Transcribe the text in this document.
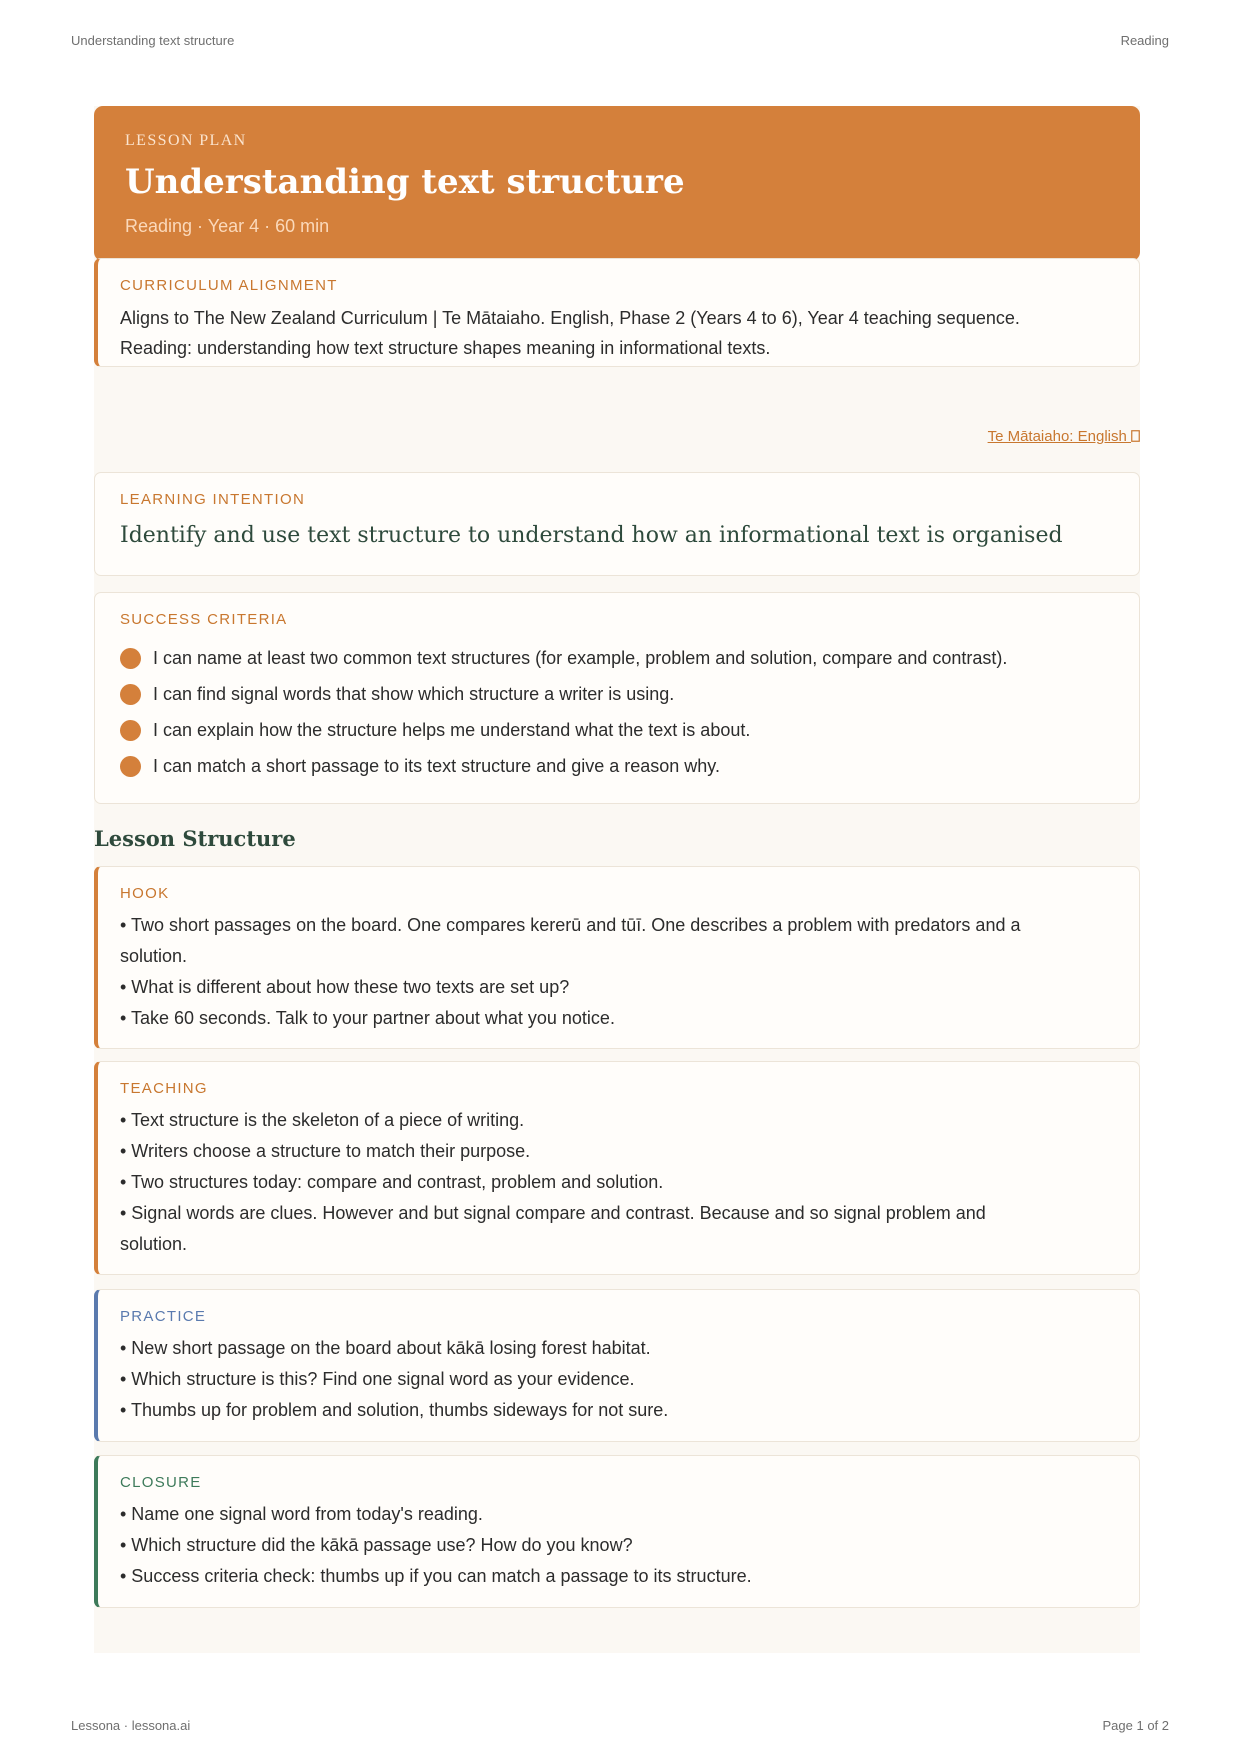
Understanding text structure	Reading
LESSON PLAN
Understanding text structure
Reading · Year 4 · 60 min
CURRICULUM ALIGNMENT
Aligns to The New Zealand Curriculum | Te Mātaiaho. English, Phase 2 (Years 4 to 6), Year 4 teaching sequence.
Reading: understanding how text structure shapes meaning in informational texts.
Te Mātaiaho: English
LEARNING INTENTION
Identify and use text structure to understand how an informational text is organised
SUCCESS CRITERIA
I can name at least two common text structures (for example, problem and solution, compare and contrast).
I can find signal words that show which structure a writer is using.
I can explain how the structure helps me understand what the text is about.
I can match a short passage to its text structure and give a reason why.
Lesson Structure
HOOK
• Two short passages on the board. One compares kererū and tūī. One describes a problem with predators and a
solution.
• What is different about how these two texts are set up?
• Take 60 seconds. Talk to your partner about what you notice.
TEACHING
• Text structure is the skeleton of a piece of writing.
• Writers choose a structure to match their purpose.
• Two structures today: compare and contrast, problem and solution.
• Signal words are clues. However and but signal compare and contrast. Because and so signal problem and
solution.
PRACTICE
• New short passage on the board about kākā losing forest habitat.
• Which structure is this? Find one signal word as your evidence.
• Thumbs up for problem and solution, thumbs sideways for not sure.
CLOSURE
• Name one signal word from today's reading.
• Which structure did the kākā passage use? How do you know?
• Success criteria check: thumbs up if you can match a passage to its structure.
Lessona · lessona.ai	Page 1 of 2
